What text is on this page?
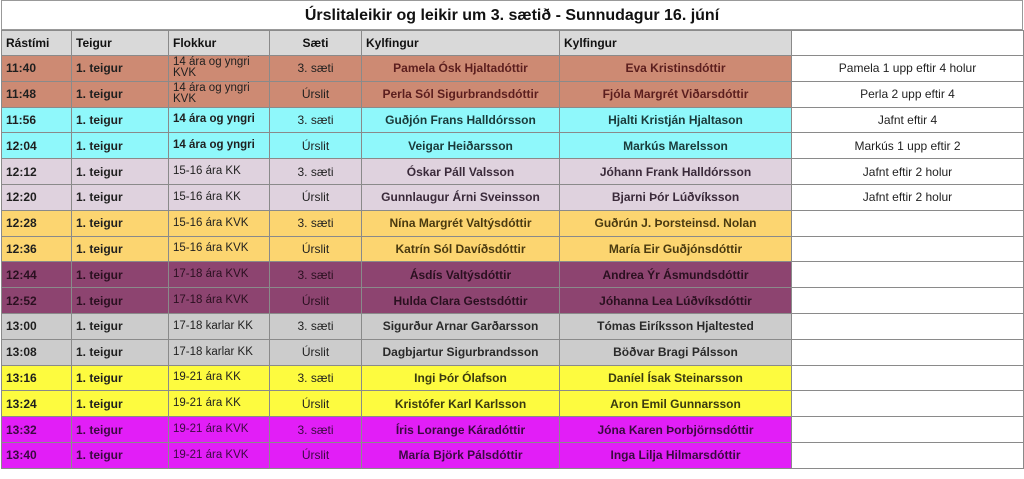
Úrslitaleikir og leikir um 3. sætið - Sunnudagur 16. júní
Rástími	Teigur	Flokkur	Sæti	Kylfingur	Kylfingur	
11:40	1. teigur	14 ára og yngri KVK	3. sæti	Pamela Ósk Hjaltadóttir	Eva Kristinsdóttir	Pamela 1 upp eftir 4 holur
11:48	1. teigur	14 ára og yngri KVK	Úrslit	Perla Sól Sigurbrandsdóttir	Fjóla Margrét Viðarsdóttir	Perla 2 upp eftir 4
11:56	1. teigur	14 ára og yngri	3. sæti	Guðjón Frans Halldórsson	Hjalti Kristján Hjaltason	Jafnt eftir 4
12:04	1. teigur	14 ára og yngri	Úrslit	Veigar Heiðarsson	Markús Marelsson	Markús 1 upp eftir 2
12:12	1. teigur	15-16 ára KK	3. sæti	Óskar Páll Valsson	Jóhann Frank Halldórsson	Jafnt eftir 2 holur
12:20	1. teigur	15-16 ára KK	Úrslit	Gunnlaugur Árni Sveinsson	Bjarni Þór Lúðvíksson	Jafnt eftir 2 holur
12:28	1. teigur	15-16 ára KVK	3. sæti	Nína Margrét Valtýsdóttir	Guðrún J. Þorsteinsd. Nolan	
12:36	1. teigur	15-16 ára KVK	Úrslit	Katrín Sól Davíðsdóttir	María Eir Guðjónsdóttir	
12:44	1. teigur	17-18 ára KVK	3. sæti	Ásdís Valtýsdóttir	Andrea Ýr Ásmundsdóttir	
12:52	1. teigur	17-18 ára KVK	Úrslit	Hulda Clara Gestsdóttir	Jóhanna Lea Lúðvíksdóttir	
13:00	1. teigur	17-18 karlar KK	3. sæti	Sigurður Arnar Garðarsson	Tómas Eiríksson Hjaltested	
13:08	1. teigur	17-18 karlar KK	Úrslit	Dagbjartur Sigurbrandsson	Böðvar Bragi Pálsson	
13:16	1. teigur	19-21 ára KK	3. sæti	Ingi Þór Ólafson	Daníel Ísak Steinarsson	
13:24	1. teigur	19-21 ára KK	Úrslit	Kristófer Karl Karlsson	Aron Emil Gunnarsson	
13:32	1. teigur	19-21 ára KVK	3. sæti	Íris Lorange Káradóttir	Jóna Karen Þorbjörnsdóttir	
13:40	1. teigur	19-21 ára KVK	Úrslit	María Björk Pálsdóttir	Inga Lilja Hilmarsdóttir	
